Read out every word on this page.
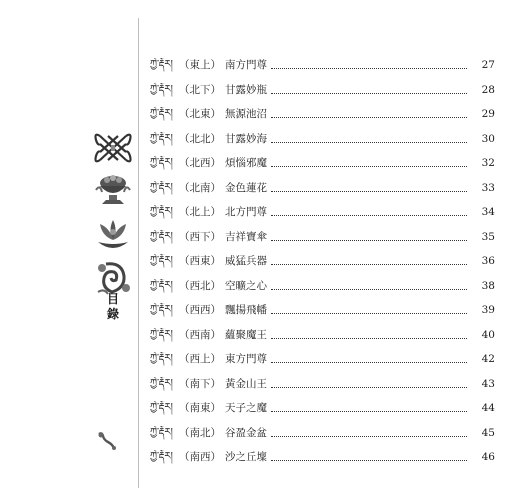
目
錄
ཀྱེ་རྡོར། （東上） 南方門尊	27
ཀྱེ་རྡོར། （北下） 甘露妙瓶	28
ཀྱེ་རྡོར། （北東） 無源池沼	29
ཀྱེ་རྡོར། （北北） 甘露妙海	30
ཀྱེ་རྡོར། （北西） 煩惱邪魔	32
ཀྱེ་རྡོར། （北南） 金色蓮花	33
ཀྱེ་རྡོར། （北上） 北方門尊	34
ཀྱེ་རྡོར། （西下） 吉祥寶傘	35
ཀྱེ་རྡོར། （西東） 威猛兵器	36
ཀྱེ་རྡོར། （西北） 空曠之心	38
ཀྱེ་རྡོར། （西西） 飄揚飛幡	39
ཀྱེ་རྡོར། （西南） 蘊聚魔王	40
ཀྱེ་རྡོར། （西上） 東方門尊	42
ཀྱེ་རྡོར། （南下） 黃金山王	43
ཀྱེ་རྡོར། （南東） 天子之魔	44
ཀྱེ་རྡོར། （南北） 谷盈金盆	45
ཀྱེ་རྡོར། （南西） 沙之丘壈	46
